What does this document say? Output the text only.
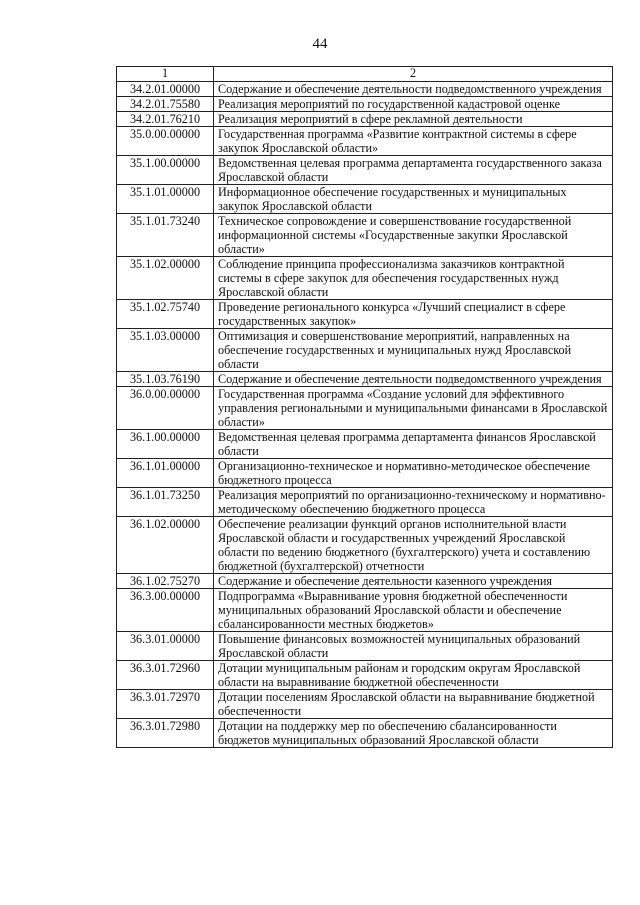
44
1	2
34.2.01.00000	Содержание и обеспечение деятельности подведомственного учреждения
34.2.01.75580	Реализация мероприятий по государственной кадастровой оценке
34.2.01.76210	Реализация мероприятий в сфере рекламной деятельности
35.0.00.00000	Государственная программа «Развитие контрактной системы в сфере закупок Ярославской области»
35.1.00.00000	Ведомственная целевая программа департамента государственного заказа Ярославской области
35.1.01.00000	Информационное обеспечение государственных и муниципальных закупок Ярославской области
35.1.01.73240	Техническое сопровождение и совершенствование государственной информационной системы «Государственные закупки Ярославской области»
35.1.02.00000	Соблюдение принципа профессионализма заказчиков контрактной системы в сфере закупок для обеспечения государственных нужд Ярославской области
35.1.02.75740	Проведение регионального конкурса «Лучший специалист в сфере государственных закупок»
35.1.03.00000	Оптимизация и совершенствование мероприятий, направленных на обеспечение государственных и муниципальных нужд Ярославской области
35.1.03.76190	Содержание и обеспечение деятельности подведомственного учреждения
36.0.00.00000	Государственная программа «Создание условий для эффективного управления региональными и муниципальными финансами в Ярославской области»
36.1.00.00000	Ведомственная целевая программа департамента финансов Ярославской области
36.1.01.00000	Организационно-техническое и нормативно-методическое обеспечение бюджетного процесса
36.1.01.73250	Реализация мероприятий по организационно-техническому и нормативно-методическому обеспечению бюджетного процесса
36.1.02.00000	Обеспечение реализации функций органов исполнительной власти Ярославской области и государственных учреждений Ярославской области по ведению бюджетного (бухгалтерского) учета и составлению бюджетной (бухгалтерской) отчетности
36.1.02.75270	Содержание и обеспечение деятельности казенного учреждения
36.3.00.00000	Подпрограмма «Выравнивание уровня бюджетной обеспеченности муниципальных образований Ярославской области и обеспечение сбалансированности местных бюджетов»
36.3.01.00000	Повышение финансовых возможностей муниципальных образований Ярославской области
36.3.01.72960	Дотации муниципальным районам и городским округам Ярославской области на выравнивание бюджетной обеспеченности
36.3.01.72970	Дотации поселениям Ярославской области на выравнивание бюджетной обеспеченности
36.3.01.72980	Дотации на поддержку мер по обеспечению сбалансированности бюджетов муниципальных образований Ярославской области
